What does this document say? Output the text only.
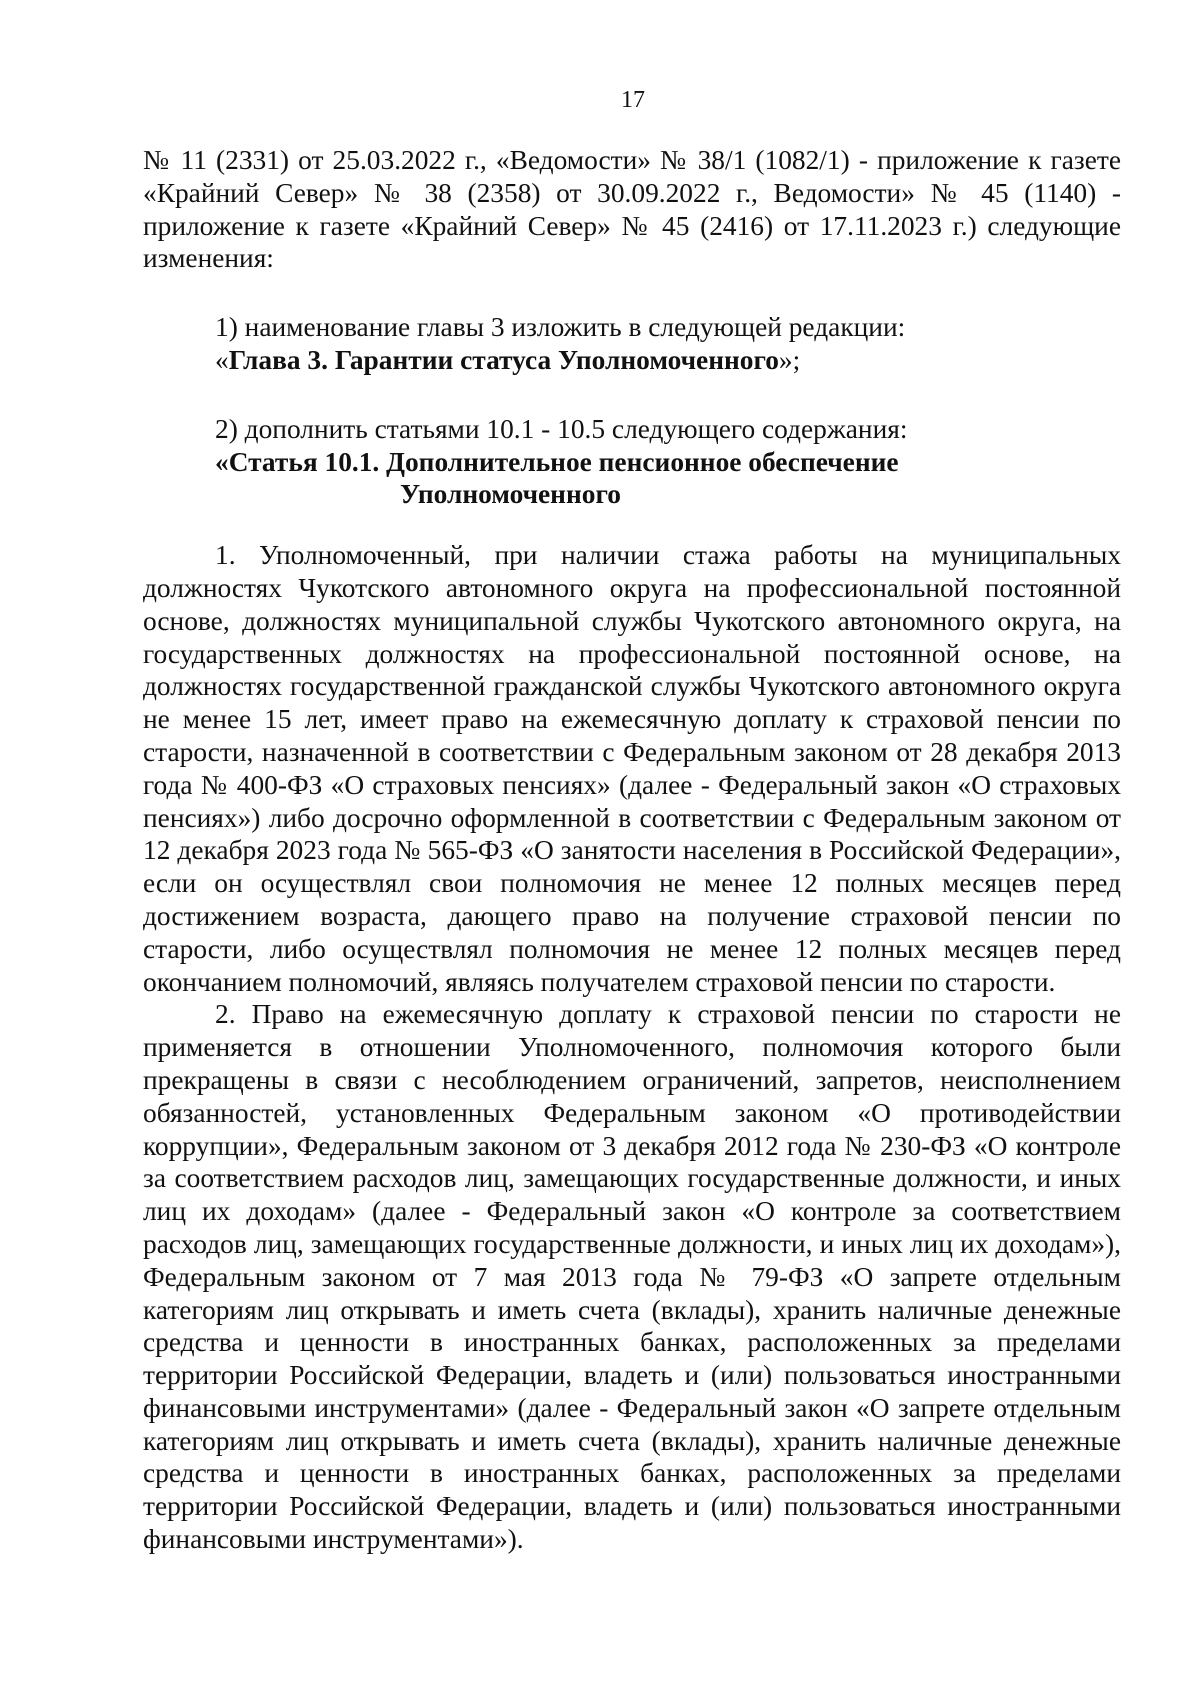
17

№ 11 (2331) от 25.03.2022 г., «Ведомости» № 38/1 (1082/1) - приложение к газете «Крайний Север» № 38 (2358) от 30.09.2022 г., Ведомости» № 45 (1140) - приложение к газете «Крайний Север» № 45 (2416) от 17.11.2023 г.) следующие изменения:

1) наименование главы 3 изложить в следующей редакции:

«Глава 3. Гарантии статуса Уполномоченного»;

2) дополнить статьями 10.1 - 10.5 следующего содержания:

«Статья 10.1. Дополнительное пенсионное обеспечение

Уполномоченного

1. Уполномоченный, при наличии стажа работы на муниципальных должностях Чукотского автономного округа на профессиональной постоянной основе, должностях муниципальной службы Чукотского автономного округа, на государственных должностях на профессиональной постоянной основе, на должностях государственной гражданской службы Чукотского автономного округа не менее 15 лет, имеет право на ежемесячную доплату к страховой пенсии по старости, назначенной в соответствии с Федеральным законом от 28 декабря 2013 года № 400-ФЗ «О страховых пенсиях» (далее - Федеральный закон «О страховых пенсиях») либо досрочно оформленной в соответствии с Федеральным законом от 12 декабря 2023 года № 565-ФЗ «О занятости населения в Российской Федерации», если он осуществлял свои полномочия не менее 12 полных месяцев перед достижением возраста, дающего право на получение страховой пенсии по старости, либо осуществлял полномочия не менее 12 полных месяцев перед окончанием полномочий, являясь получателем страховой пенсии по старости.

2. Право на ежемесячную доплату к страховой пенсии по старости не применяется в отношении Уполномоченного, полномочия которого были прекращены в связи с несоблюдением ограничений, запретов, неисполнением обязанностей, установленных Федеральным законом «О противодействии коррупции», Федеральным законом от 3 декабря 2012 года № 230-ФЗ «О контроле за соответствием расходов лиц, замещающих государственные должности, и иных лиц их доходам» (далее - Федеральный закон «О контроле за соответствием расходов лиц, замещающих государственные должности, и иных лиц их доходам»), Федеральным законом от 7 мая 2013 года № 79-ФЗ «О запрете отдельным категориям лиц открывать и иметь счета (вклады), хранить наличные денежные средства и ценности в иностранных банках, расположенных за пределами территории Российской Федерации, владеть и (или) пользоваться иностранными финансовыми инструментами» (далее - Федеральный закон «О запрете отдельным категориям лиц открывать и иметь счета (вклады), хранить наличные денежные средства и ценности в иностранных банках, расположенных за пределами территории Российской Федерации, владеть и (или) пользоваться иностранными финансовыми инструментами»).
